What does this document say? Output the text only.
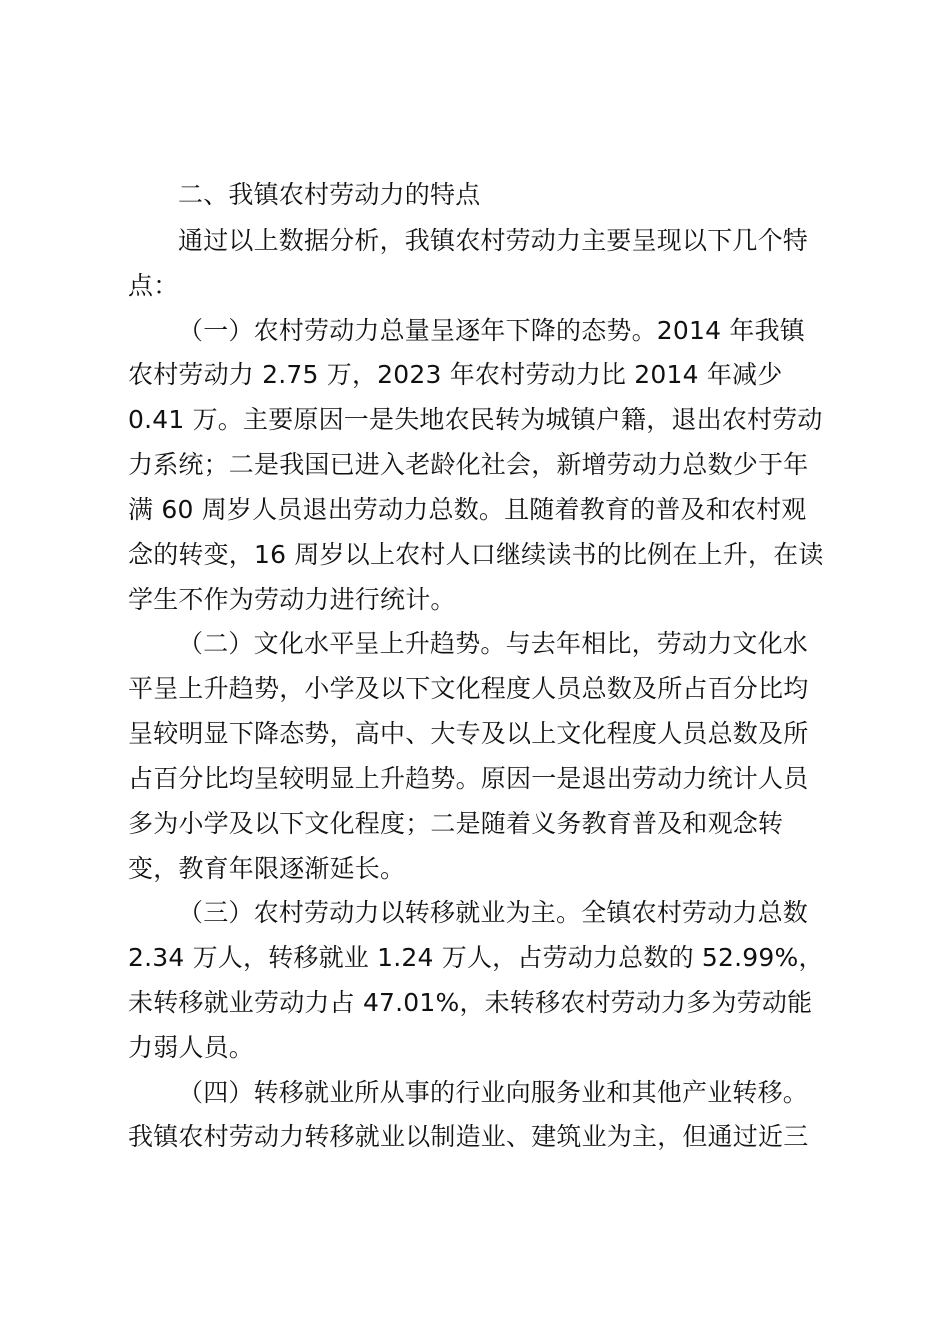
二、我镇农村劳动力的特点
通过以上数据分析，我镇农村劳动力主要呈现以下几个特
点：
（一）农村劳动力总量呈逐年下降的态势。2014 年我镇
农村劳动力 2.75 万，2023 年农村劳动力比 2014 年减少
0.41 万。主要原因一是失地农民转为城镇户籍，退出农村劳动
力系统；二是我国已进入老龄化社会，新增劳动力总数少于年
满 60 周岁人员退出劳动力总数。且随着教育的普及和农村观
念的转变，16 周岁以上农村人口继续读书的比例在上升，在读
学生不作为劳动力进行统计。
（二）文化水平呈上升趋势。与去年相比，劳动力文化水
平呈上升趋势，小学及以下文化程度人员总数及所占百分比均
呈较明显下降态势，高中、大专及以上文化程度人员总数及所
占百分比均呈较明显上升趋势。原因一是退出劳动力统计人员
多为小学及以下文化程度；二是随着义务教育普及和观念转
变，教育年限逐渐延长。
（三）农村劳动力以转移就业为主。全镇农村劳动力总数
2.34 万人，转移就业 1.24 万人，占劳动力总数的 52.99%，
未转移就业劳动力占 47.01%，未转移农村劳动力多为劳动能
力弱人员。
（四）转移就业所从事的行业向服务业和其他产业转移。
我镇农村劳动力转移就业以制造业、建筑业为主，但通过近三
